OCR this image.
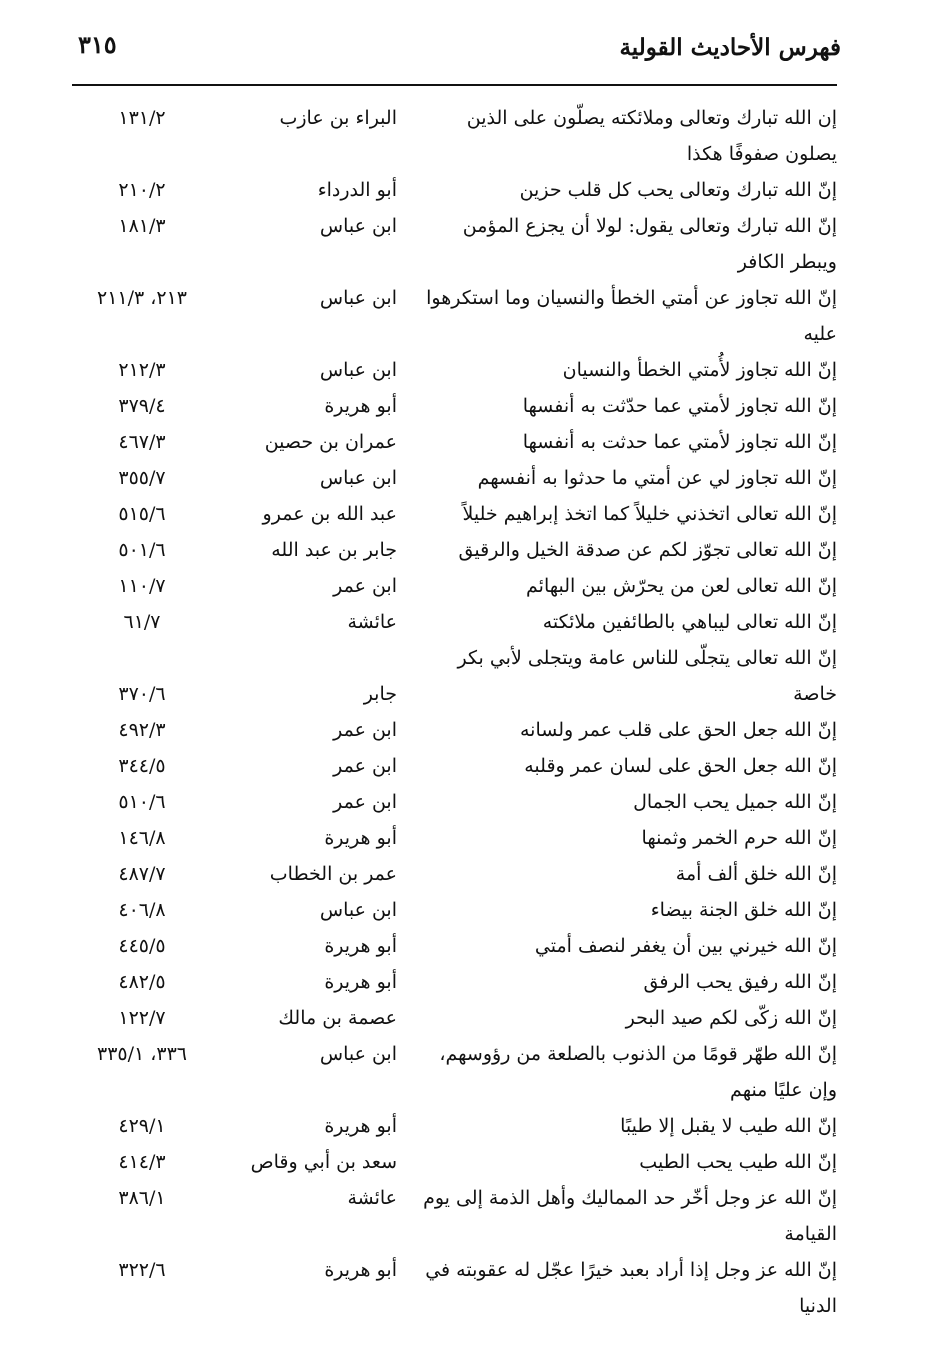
فهرس الأحاديث القولية
٣١٥
إن الله تبارك وتعالى وملائكته يصلّون على الذين يصلون صفوفًا هكذا
البراء بن عازب
١٣١/٢
إنّ الله تبارك وتعالى يحب كل قلب حزين
أبو الدرداء
٢١٠/٢
إنّ الله تبارك وتعالى يقول: لولا أن يجزع المؤمن ويبطر الكافر
ابن عباس
١٨١/٣
إنّ الله تجاوز عن أمتي الخطأ والنسيان وما استكرهوا عليه
ابن عباس
٢١٣، ٢١١/٣
إنّ الله تجاوز لأُمتي الخطأ والنسيان
ابن عباس
٢١٢/٣
إنّ الله تجاوز لأمتي عما حدّثت به أنفسها
أبو هريرة
٣٧٩/٤
إنّ الله تجاوز لأمتي عما حدثت به أنفسها
عمران بن حصين
٤٦٧/٣
إنّ الله تجاوز لي عن أمتي ما حدثوا به أنفسهم
ابن عباس
٣٥٥/٧
إنّ الله تعالى اتخذني خليلاً كما اتخذ إبراهيم خليلاً
عبد الله بن عمرو
٥١٥/٦
إنّ الله تعالى تجوّز لكم عن صدقة الخيل والرقيق
جابر بن عبد الله
٥٠١/٦
إنّ الله تعالى لعن من يحرّش بين البهائم
ابن عمر
١١٠/٧
إنّ الله تعالى ليباهي بالطائفين ملائكته
عائشة
٦١/٧
إنّ الله تعالى يتجلّى للناس عامة ويتجلى لأبي بكر خاصة
جابر
٣٧٠/٦
إنّ الله جعل الحق على قلب عمر ولسانه
ابن عمر
٤٩٢/٣
إنّ الله جعل الحق على لسان عمر وقلبه
ابن عمر
٣٤٤/٥
إنّ الله جميل يحب الجمال
ابن عمر
٥١٠/٦
إنّ الله حرم الخمر وثمنها
أبو هريرة
١٤٦/٨
إنّ الله خلق ألف أمة
عمر بن الخطاب
٤٨٧/٧
إنّ الله خلق الجنة بيضاء
ابن عباس
٤٠٦/٨
إنّ الله خيرني بين أن يغفر لنصف أمتي
أبو هريرة
٤٤٥/٥
إنّ الله رفيق يحب الرفق
أبو هريرة
٤٨٢/٥
إنّ الله زكّى لكم صيد البحر
عصمة بن مالك
١٢٢/٧
إنّ الله طهّر قومًا من الذنوب بالصلعة من رؤوسهم، وإن عليًا منهم
ابن عباس
٣٣٦، ٣٣٥/١
إنّ الله طيب لا يقبل إلا طيبًا
أبو هريرة
٤٢٩/١
إنّ الله طيب يحب الطيب
سعد بن أبي وقاص
٤١٤/٣
إنّ الله عز وجل أخّر حد المماليك وأهل الذمة إلى يوم القيامة
عائشة
٣٨٦/١
إنّ الله عز وجل إذا أراد بعبد خيرًا عجّل له عقوبته في الدنيا
أبو هريرة
٣٢٢/٦
